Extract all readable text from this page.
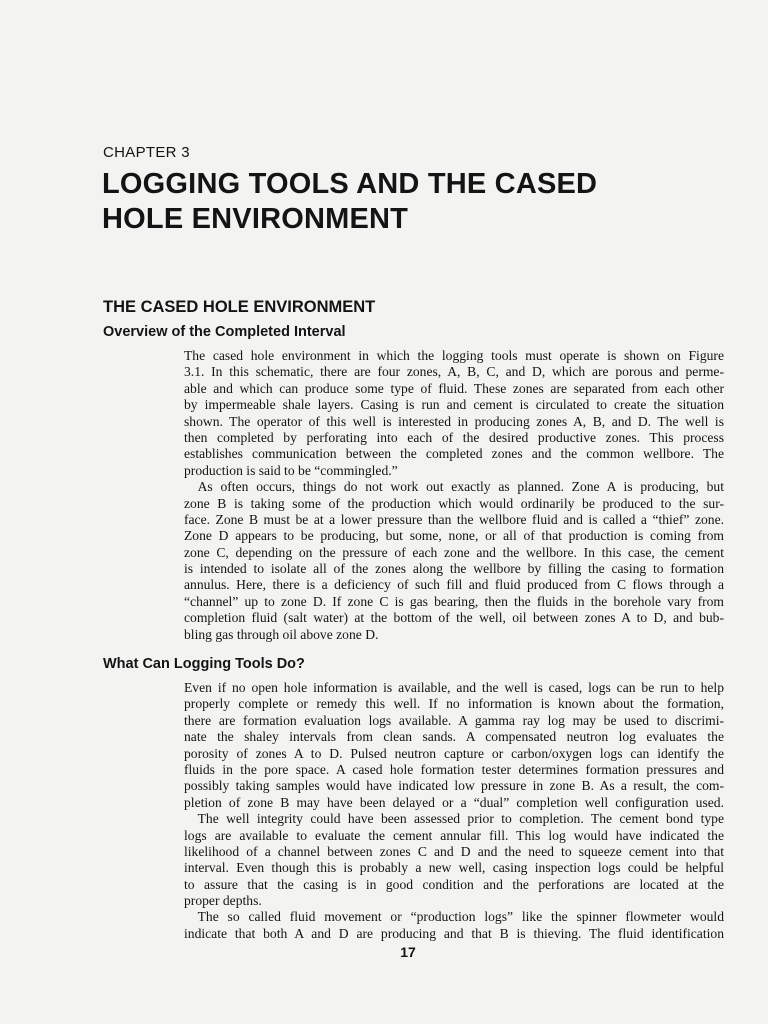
CHAPTER 3
LOGGING TOOLS AND THE CASED
HOLE ENVIRONMENT
THE CASED HOLE ENVIRONMENT
Overview of the Completed Interval
The cased hole environment in which the logging tools must operate is shown on Figure
3.1. In this schematic, there are four zones, A, B, C, and D, which are porous and perme-
able and which can produce some type of fluid. These zones are separated from each other
by impermeable shale layers. Casing is run and cement is circulated to create the situation
shown. The operator of this well is interested in producing zones A, B, and D. The well is
then completed by perforating into each of the desired productive zones. This process
establishes communication between the completed zones and the common wellbore. The
production is said to be “commingled.”
 As often occurs, things do not work out exactly as planned. Zone A is producing, but
zone B is taking some of the production which would ordinarily be produced to the sur-
face. Zone B must be at a lower pressure than the wellbore fluid and is called a “thief” zone.
Zone D appears to be producing, but some, none, or all of that production is coming from
zone C, depending on the pressure of each zone and the wellbore. In this case, the cement
is intended to isolate all of the zones along the wellbore by filling the casing to formation
annulus. Here, there is a deficiency of such fill and fluid produced from C flows through a
“channel” up to zone D. If zone C is gas bearing, then the fluids in the borehole vary from
completion fluid (salt water) at the bottom of the well, oil between zones A to D, and bub-
bling gas through oil above zone D.
What Can Logging Tools Do?
Even if no open hole information is available, and the well is cased, logs can be run to help
properly complete or remedy this well. If no information is known about the formation,
there are formation evaluation logs available. A gamma ray log may be used to discrimi-
nate the shaley intervals from clean sands. A compensated neutron log evaluates the
porosity of zones A to D. Pulsed neutron capture or carbon/oxygen logs can identify the
fluids in the pore space. A cased hole formation tester determines formation pressures and
possibly taking samples would have indicated low pressure in zone B. As a result, the com-
pletion of zone B may have been delayed or a “dual” completion well configuration used.
 The well integrity could have been assessed prior to completion. The cement bond type
logs are available to evaluate the cement annular fill. This log would have indicated the
likelihood of a channel between zones C and D and the need to squeeze cement into that
interval. Even though this is probably a new well, casing inspection logs could be helpful
to assure that the casing is in good condition and the perforations are located at the
proper depths.
 The so called fluid movement or “production logs” like the spinner flowmeter would
indicate that both A and D are producing and that B is thieving. The fluid identification
17
